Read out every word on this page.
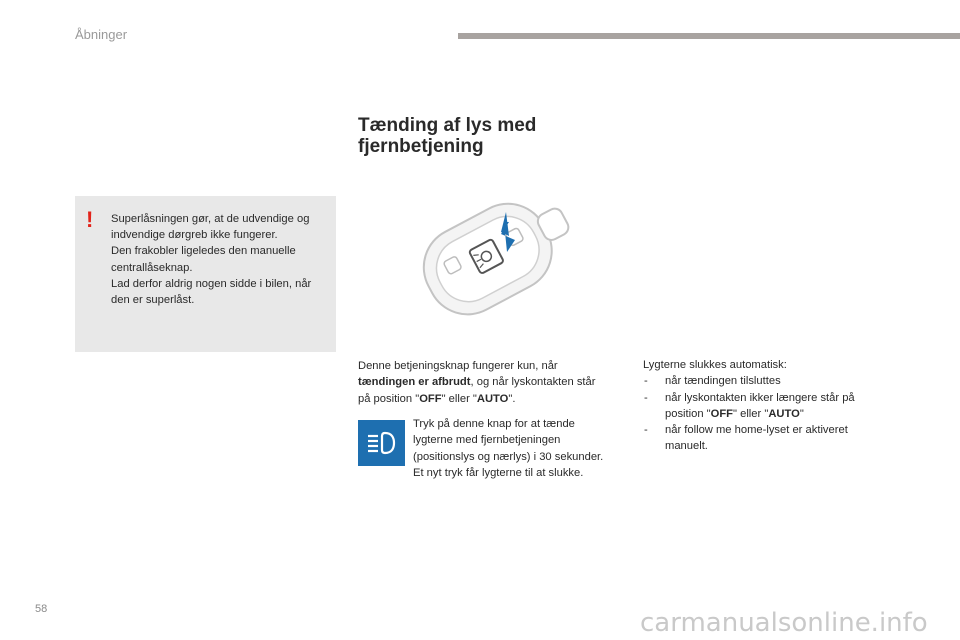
Åbninger
! Superlåsningen gør, at de udvendige og indvendige dørgreb ikke fungerer.

Den frakobler ligeledes den manuelle centrallåseknap.

Lad derfor aldrig nogen sidde i bilen, når den er superlåst.

Tænding af lys med
fjernbetjening
Denne betjeningsknap fungerer kun, når tændingen er afbrudt, og når lyskontakten står på position "OFF" eller "AUTO".

Tryk på denne knap for at tænde lygterne med fjernbetjeningen (positionslys og nærlys) i 30 sekunder.

Et nyt tryk får lygterne til at slukke.

Lygterne slukkes automatisk:
- når tændingen tilsluttes
- når lyskontakten ikker længere står på position "OFF" eller "AUTO"
- når follow me home-lyset er aktiveret manuelt.
58	carmanualsonline.info
